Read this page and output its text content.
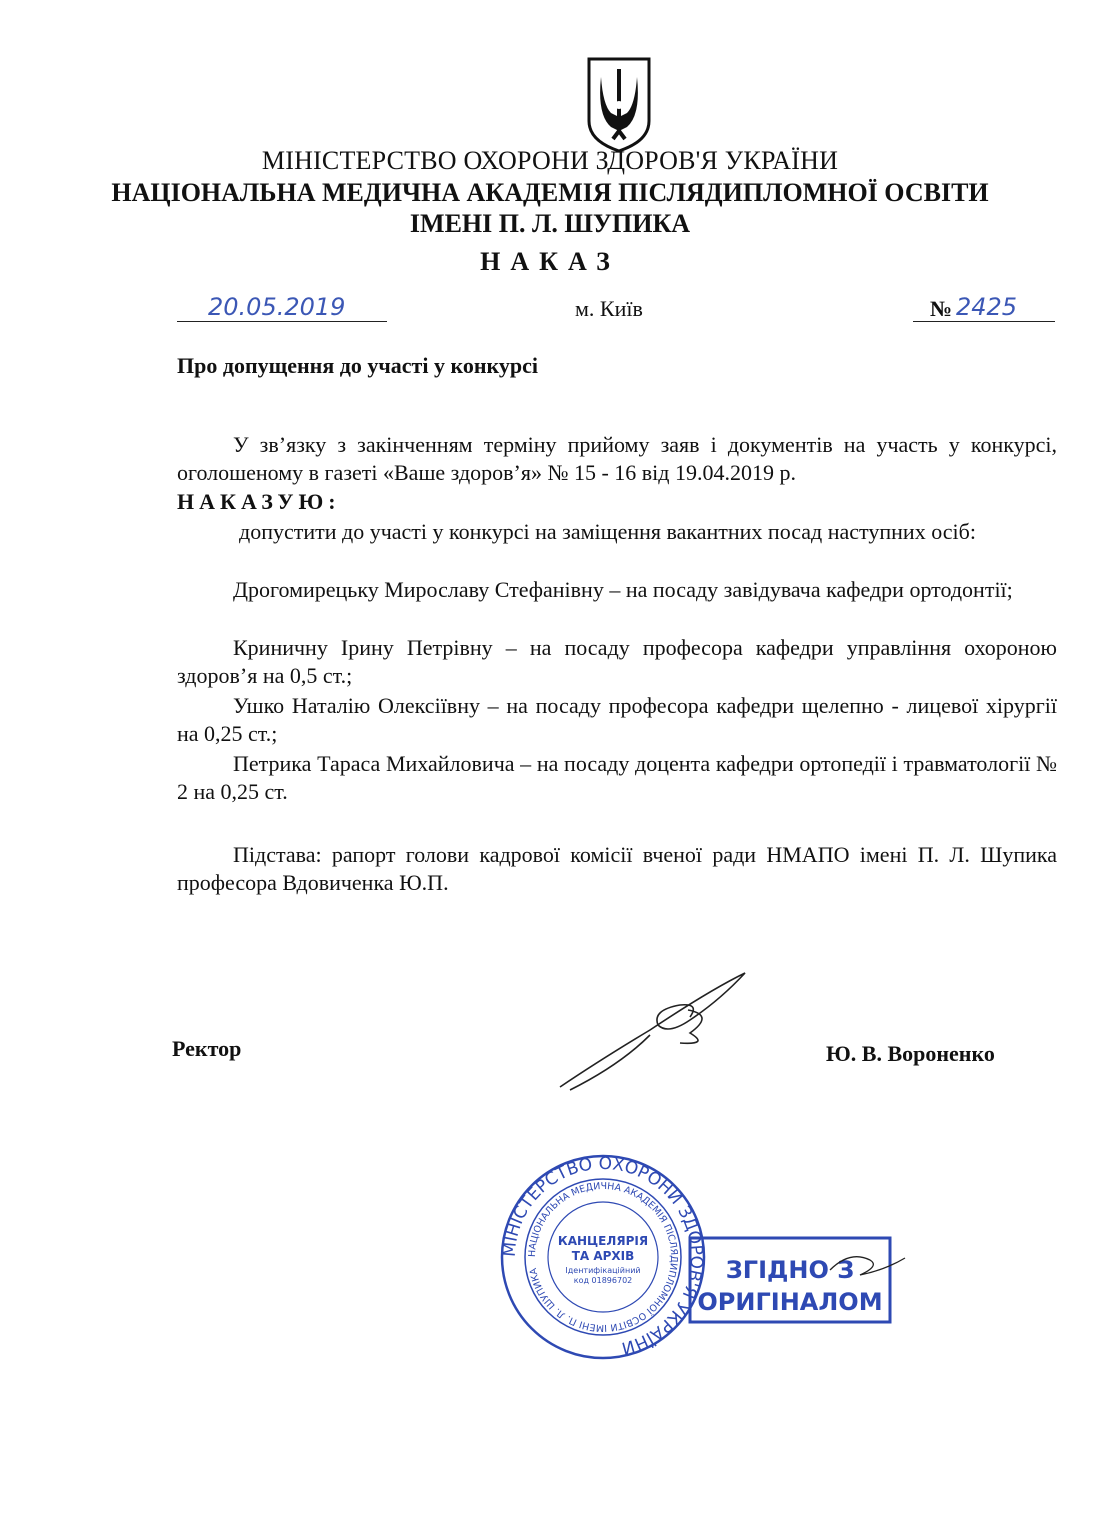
МІНІСТЕРСТВО ОХОРОНИ ЗДОРОВ'Я УКРАЇНИ
НАЦІОНАЛЬНА МЕДИЧНА АКАДЕМІЯ ПІСЛЯДИПЛОМНОЇ ОСВІТИ
ІМЕНІ П. Л. ШУПИКА
НАКАЗ
20.05.2019	м. Київ	№ 2425
Про допущення до участі у конкурсі
У зв’язку з закінченням терміну прийому заяв і документів на участь у конкурсі, оголошеному в газеті «Ваше здоров’я» № 15 - 16 від 19.04.2019 р.
НАКАЗУЮ:
допустити до участі у конкурсі на заміщення вакантних посад наступних осіб:
Дрогомирецьку Мирославу Стефанівну – на посаду завідувача кафедри ортодонтії;
Криничну Ірину Петрівну – на посаду професора кафедри управління охороною здоров’я на 0,5 ст.;
Ушко Наталію Олексіївну – на посаду професора кафедри щелепно - лицевої хірургії на 0,25 ст.;
Петрика Тараса Михайловича – на посаду доцента кафедри ортопедії і травматології № 2 на 0,25 ст.
Підстава: рапорт голови кадрової комісії вченої ради НМАПО імені П. Л. Шупика професора Вдовиченка Ю.П.
Ректор	Ю. В. Вороненко
МІНІСТЕРСТВО ОХОРОНИ ЗДОРОВ'Я УКРАЇНИ
НАЦІОНАЛЬНА МЕДИЧНА АКАДЕМІЯ ПІСЛЯДИПЛОМНОЇ ОСВІТИ ІМЕНІ П. Л. ШУПИКА
КАНЦЕЛЯРІЯ
ТА АРХІВ
Ідентифікаційний
код 01896702	ЗГІДНО З
ОРИГІНАЛОМ
